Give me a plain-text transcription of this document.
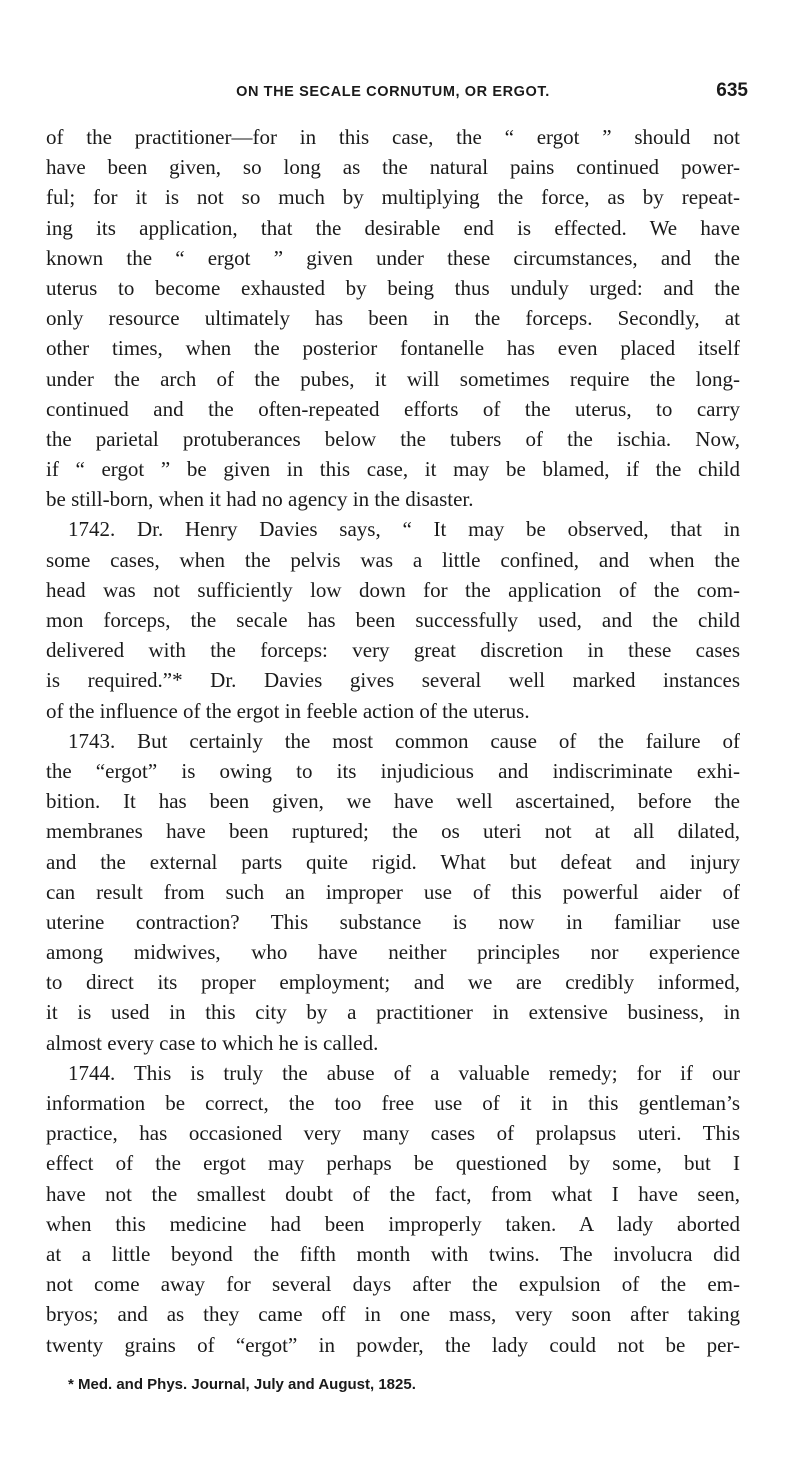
ON THE SECALE CORNUTUM, OR ERGOT.	635
of the practitioner—for in this case, the “ ergot ” should not
have been given, so long as the natural pains continued power-
ful; for it is not so much by multiplying the force, as by repeat-
ing its application, that the desirable end is effected. We have
known the “ ergot ” given under these circumstances, and the
uterus to become exhausted by being thus unduly urged: and the
only resource ultimately has been in the forceps. Secondly, at
other times, when the posterior fontanelle has even placed itself
under the arch of the pubes, it will sometimes require the long-
continued and the often-repeated efforts of the uterus, to carry
the parietal protuberances below the tubers of the ischia. Now,
if “ ergot ” be given in this case, it may be blamed, if the child
be still-born, when it had no agency in the disaster.
1742. Dr. Henry Davies says, “ It may be observed, that in
some cases, when the pelvis was a little confined, and when the
head was not sufficiently low down for the application of the com-
mon forceps, the secale has been successfully used, and the child
delivered with the forceps: very great discretion in these cases
is required.”* Dr. Davies gives several well marked instances
of the influence of the ergot in feeble action of the uterus.
1743. But certainly the most common cause of the failure of
the “ergot” is owing to its injudicious and indiscriminate exhi-
bition. It has been given, we have well ascertained, before the
membranes have been ruptured; the os uteri not at all dilated,
and the external parts quite rigid. What but defeat and injury
can result from such an improper use of this powerful aider of
uterine contraction? This substance is now in familiar use
among midwives, who have neither principles nor experience
to direct its proper employment; and we are credibly informed,
it is used in this city by a practitioner in extensive business, in
almost every case to which he is called.
1744. This is truly the abuse of a valuable remedy; for if our
information be correct, the too free use of it in this gentleman’s
practice, has occasioned very many cases of prolapsus uteri. This
effect of the ergot may perhaps be questioned by some, but I
have not the smallest doubt of the fact, from what I have seen,
when this medicine had been improperly taken. A lady aborted
at a little beyond the fifth month with twins. The involucra did
not come away for several days after the expulsion of the em-
bryos; and as they came off in one mass, very soon after taking
twenty grains of “ergot” in powder, the lady could not be per-
* Med. and Phys. Journal, July and August, 1825.
